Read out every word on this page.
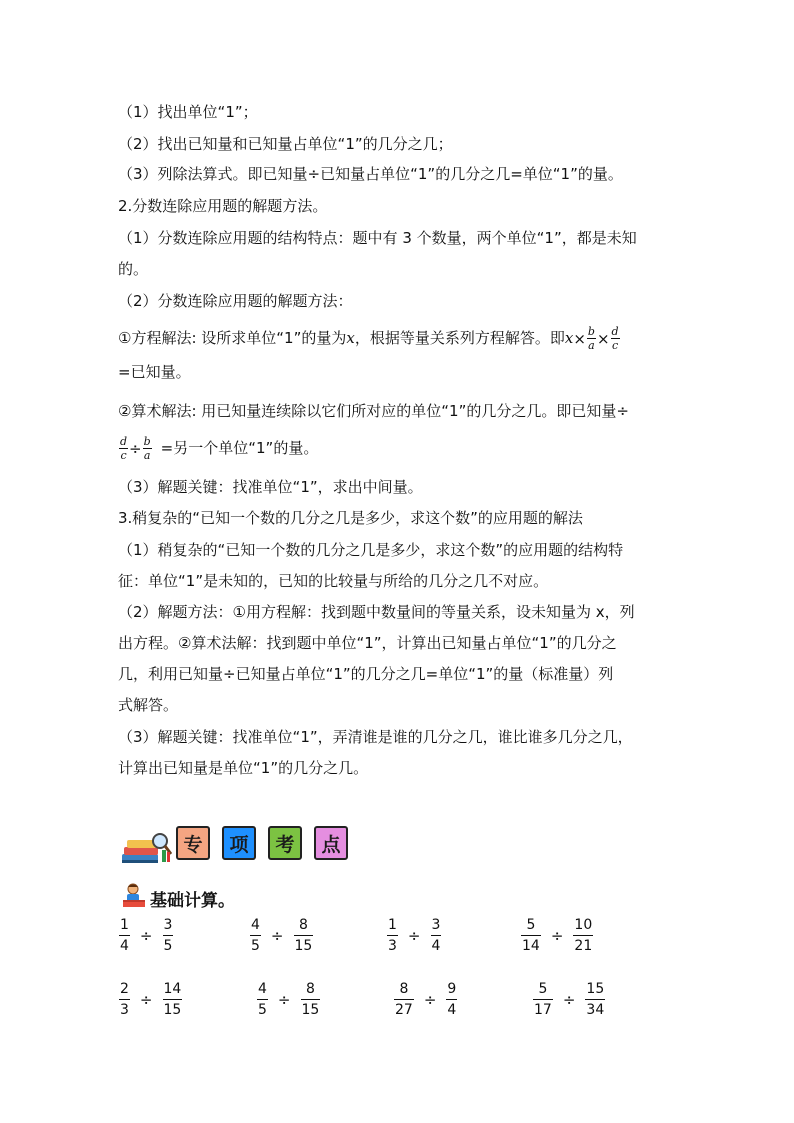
（1）找出单位“1”；
（2）找出已知量和已知量占单位“1”的几分之几；
（3）列除法算式。即已知量÷已知量占单位“1”的几分之几=单位“1”的量。
2.分数连除应用题的解题方法。
（1）分数连除应用题的结构特点：题中有 3 个数量，两个单位“1”，都是未知
的。
（2）分数连除应用题的解题方法：
①方程解法: 设所求单位“1”的量为x，根据等量关系列方程解答。即$x\times \frac{b}{a} \times \frac{d}{c}$
=已知量。
②算术解法: 用已知量连续除以它们所对应的单位“1”的几分之几。即已知量÷
$\frac{d}{c} \div \frac{b}{a}$ =另一个单位“1”的量。
（3）解题关键：找准单位“1”，求出中间量。
3.稍复杂的“已知一个数的几分之几是多少，求这个数”的应用题的解法
（1）稍复杂的“已知一个数的几分之几是多少，求这个数”的应用题的结构特
征：单位“1”是未知的，已知的比较量与所给的几分之几不对应。
（2）解题方法：①用方程解：找到题中数量间的等量关系，设未知量为 x，列
出方程。②算术法解：找到题中单位“1”，计算出已知量占单位“1”的几分之
几，利用已知量÷已知量占单位“1”的几分之几=单位“1”的量（标准量）列
式解答。
（3）解题关键：找准单位“1”，弄清谁是谁的几分之几，谁比谁多几分之几，
计算出已知量是单位“1”的几分之几。
专	项	考	点
基础计算。
$\frac{1}{4} \div \frac{3}{5}$	$\frac{4}{5} \div \frac{8}{15}$	$\frac{1}{3} \div \frac{3}{4}$	$\frac{5}{14} \div \frac{10}{21}$
$\frac{2}{3} \div \frac{14}{15}$	$\frac{4}{5} \div \frac{8}{15}$	$\frac{8}{27} \div \frac{9}{4}$	$\frac{5}{17} \div \frac{15}{34}$
